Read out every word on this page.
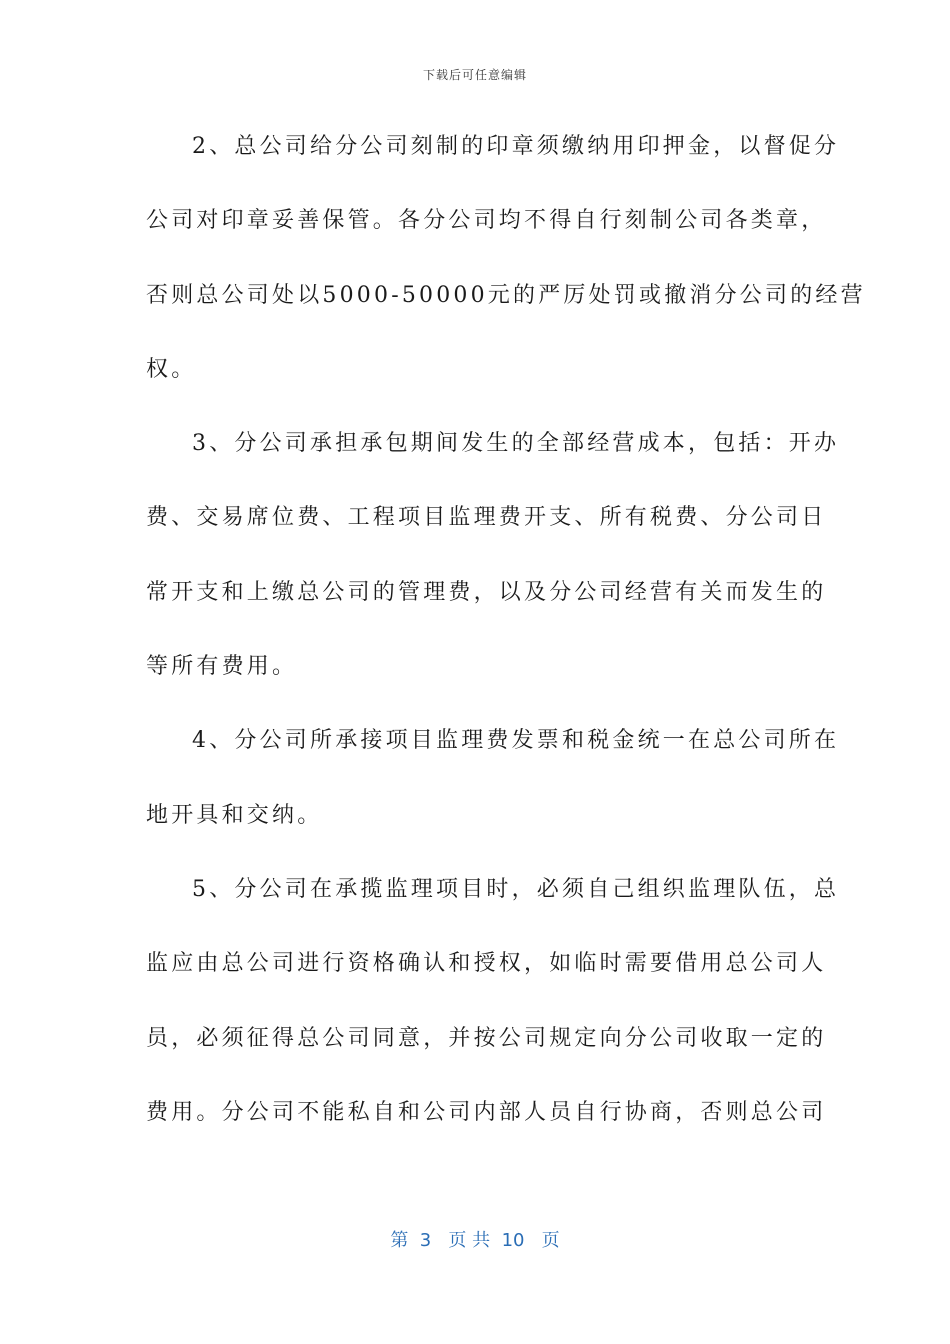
下载后可任意编辑
2、总公司给分公司刻制的印章须缴纳用印押金，以督促分
公司对印章妥善保管。各分公司均不得自行刻制公司各类章，
否则总公司处以5000-50000元的严厉处罚或撤消分公司的经营
权。
3、分公司承担承包期间发生的全部经营成本，包括：开办
费、交易席位费、工程项目监理费开支、所有税费、分公司日
常开支和上缴总公司的管理费，以及分公司经营有关而发生的
等所有费用。
4、分公司所承接项目监理费发票和税金统一在总公司所在
地开具和交纳。
5、分公司在承揽监理项目时，必须自己组织监理队伍，总
监应由总公司进行资格确认和授权，如临时需要借用总公司人
员，必须征得总公司同意，并按公司规定向分公司收取一定的
费用。分公司不能私自和公司内部人员自行协商，否则总公司
第  3   页 共  10   页
